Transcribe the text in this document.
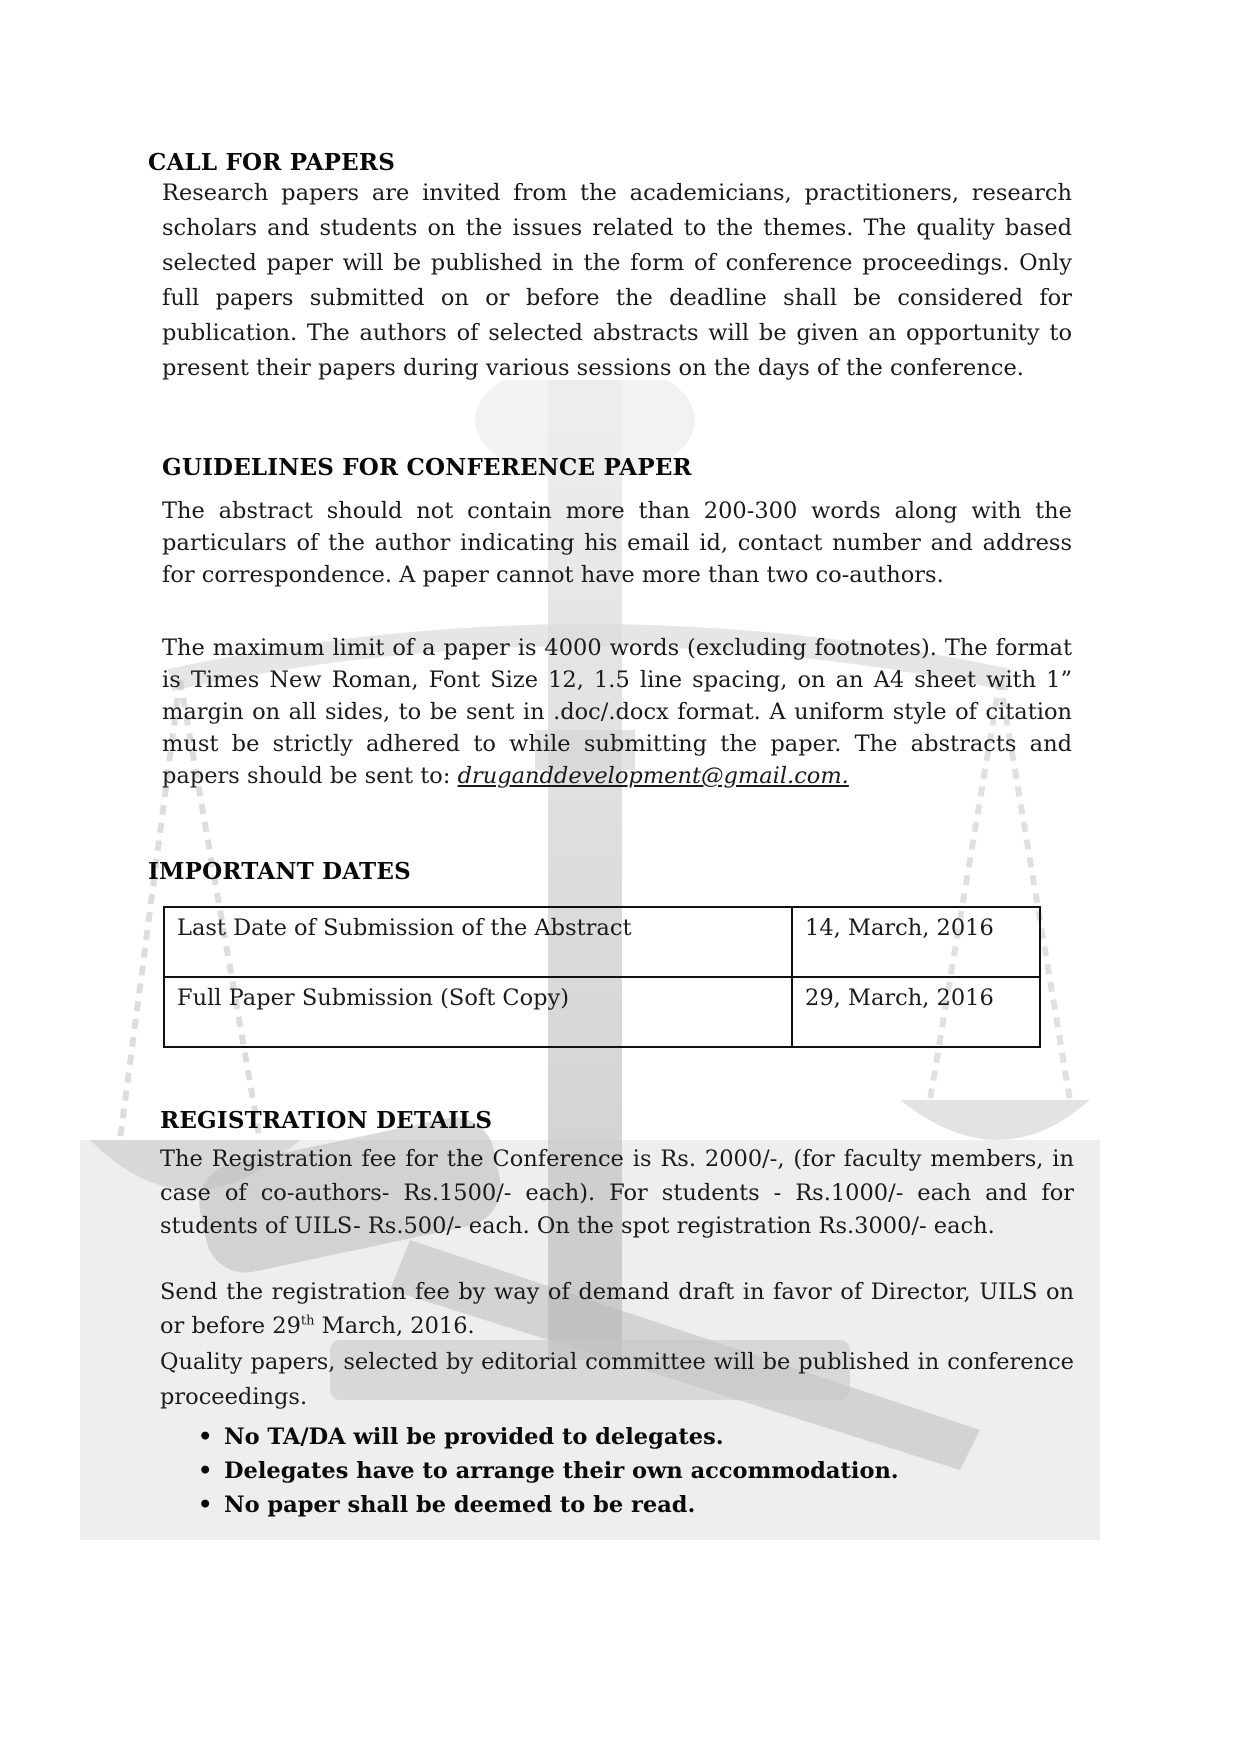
CALL FOR PAPERS

Research papers are invited from the academicians, practitioners, research scholars and students on the issues related to the themes. The quality based selected paper will be published in the form of conference proceedings. Only full papers submitted on or before the deadline shall be considered for publication. The authors of selected abstracts will be given an opportunity to present their papers during various sessions on the days of the conference.

GUIDELINES FOR CONFERENCE PAPER

The abstract should not contain more than 200-300 words along with the particulars of the author indicating his email id, contact number and address for correspondence. A paper cannot have more than two co-authors.

The maximum limit of a paper is 4000 words (excluding footnotes). The format is Times New Roman, Font Size 12, 1.5 line spacing, on an A4 sheet with 1” margin on all sides, to be sent in .doc/.docx format. A uniform style of citation must be strictly adhered to while submitting the paper. The abstracts and papers should be sent to: druganddevelopment@gmail.com.

IMPORTANT DATES
Last Date of Submission of the Abstract	14, March, 2016
Full Paper Submission (Soft Copy)	29, March, 2016
REGISTRATION DETAILS

The Registration fee for the Conference is Rs. 2000/-, (for faculty members, in case of co-authors- Rs.1500/- each). For students - Rs.1000/- each and for students of UILS- Rs.500/- each. On the spot registration Rs.3000/- each.

Send the registration fee by way of demand draft in favor of Director, UILS on or before 29th March, 2016.

Quality papers, selected by editorial committee will be published in conference proceedings.

• No TA/DA will be provided to delegates.
• Delegates have to arrange their own accommodation.
• No paper shall be deemed to be read.
